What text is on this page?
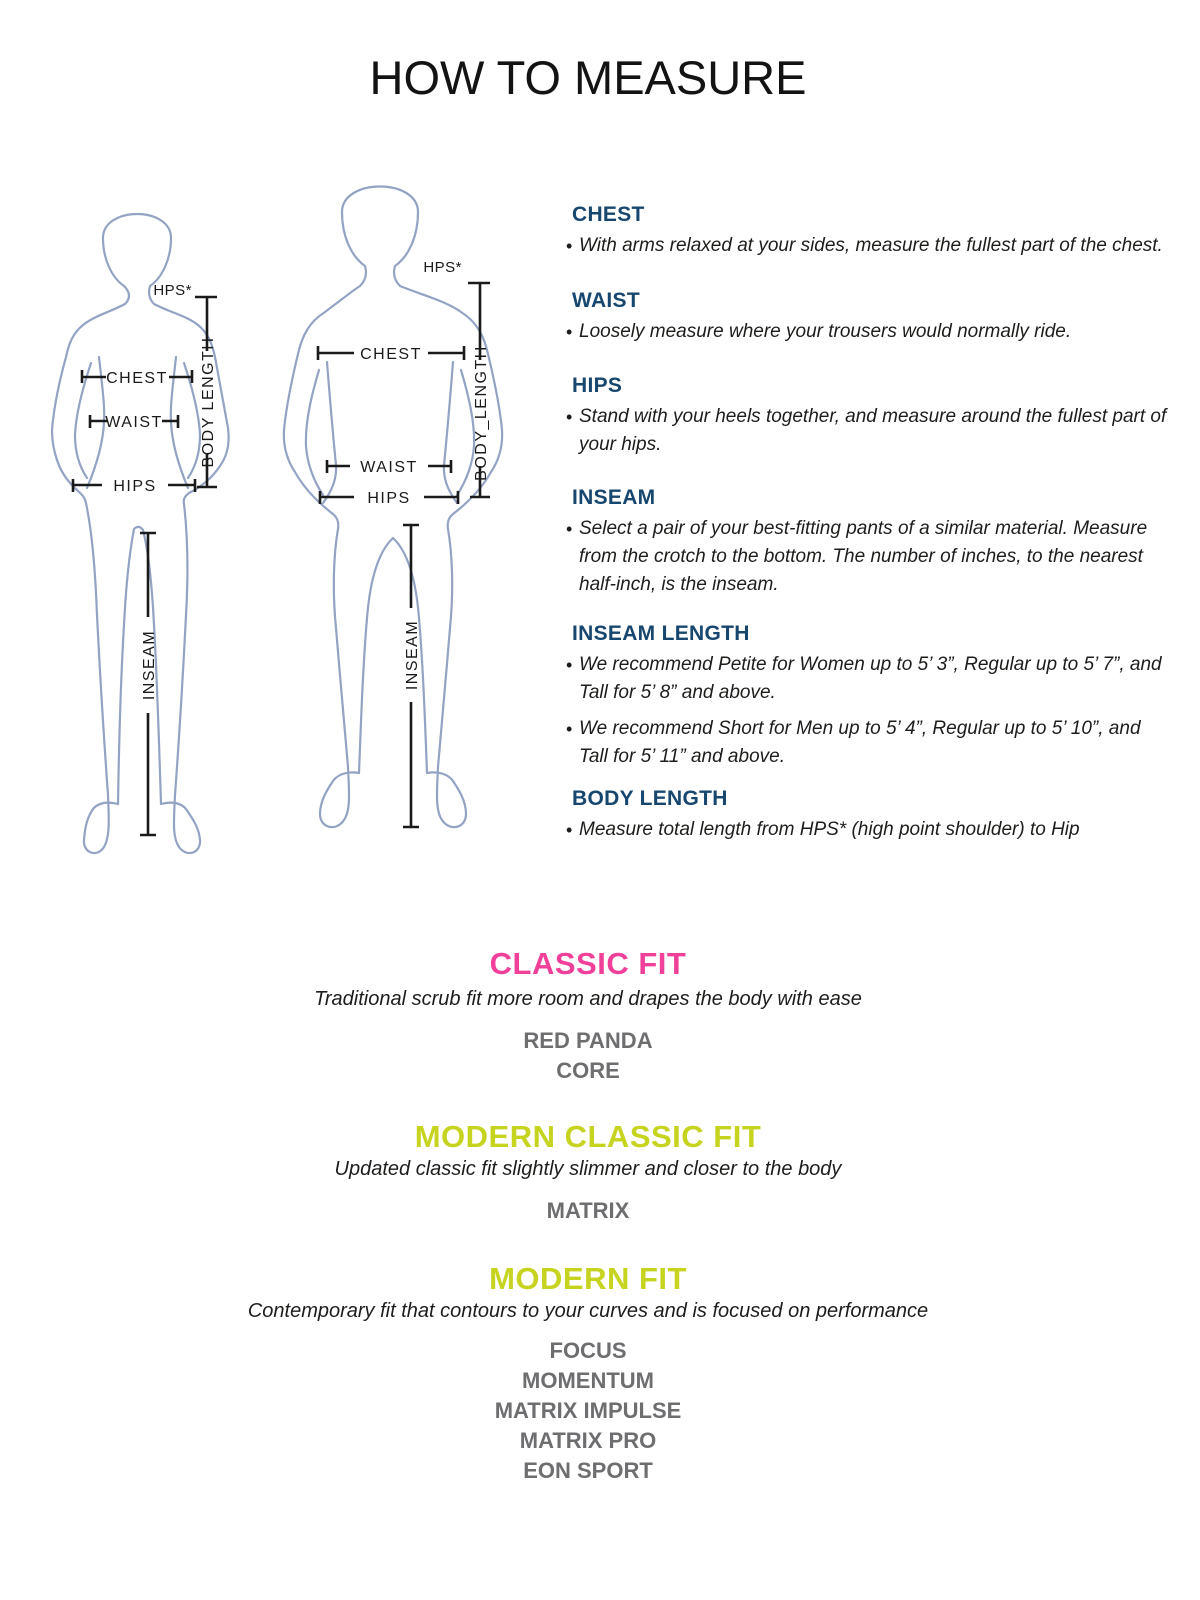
HOW TO MEASURE
HPS*
CHEST
WAIST
HIPS
BODY LENGTH
INSEAM
HPS*
CHEST
WAIST
HIPS
BODY_LENGTH
INSEAM
CHEST
• With arms relaxed at your sides, measure the fullest part of the chest.
WAIST
• Loosely measure where your trousers would normally ride.
HIPS
• Stand with your heels together, and measure around the fullest part of your hips.
INSEAM
• Select a pair of your best-fitting pants of a similar material. Measure from the crotch to the bottom. The number of inches, to the nearest half-inch, is the inseam.
INSEAM LENGTH
• We recommend Petite for Women up to 5’ 3”, Regular up to 5’ 7”, and Tall for 5’ 8” and above.
• We recommend Short for Men up to 5’ 4”, Regular up to 5’ 10”, and Tall for 5’ 11” and above.
BODY LENGTH
• Measure total length from HPS* (high point shoulder) to Hip
CLASSIC FIT
Traditional scrub fit more room and drapes the body with ease
RED PANDA
CORE
MODERN CLASSIC FIT
Updated classic fit slightly slimmer and closer to the body
MATRIX
MODERN FIT
Contemporary fit that contours to your curves and is focused on performance
FOCUS
MOMENTUM
MATRIX IMPULSE
MATRIX PRO
EON SPORT
